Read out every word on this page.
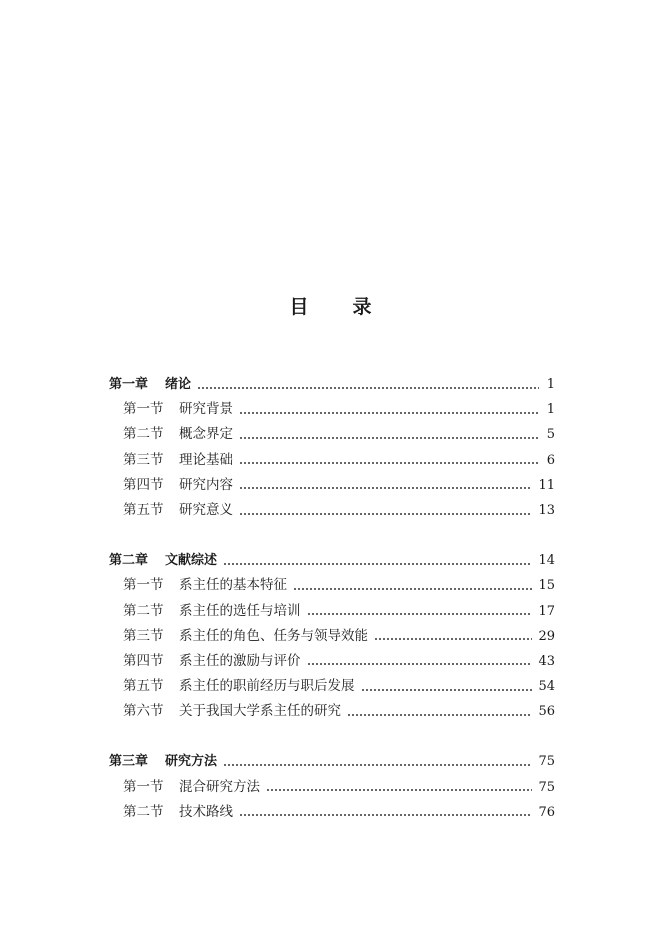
目录
第一章	绪论	1
第一节	研究背景	1
第二节	概念界定	5
第三节	理论基础	6
第四节	研究内容	11
第五节	研究意义	13
第二章	文献综述	14
第一节	系主任的基本特征	15
第二节	系主任的选任与培训	17
第三节	系主任的角色、任务与领导效能	29
第四节	系主任的激励与评价	43
第五节	系主任的职前经历与职后发展	54
第六节	关于我国大学系主任的研究	56
第三章	研究方法	75
第一节	混合研究方法	75
第二节	技术路线	76
